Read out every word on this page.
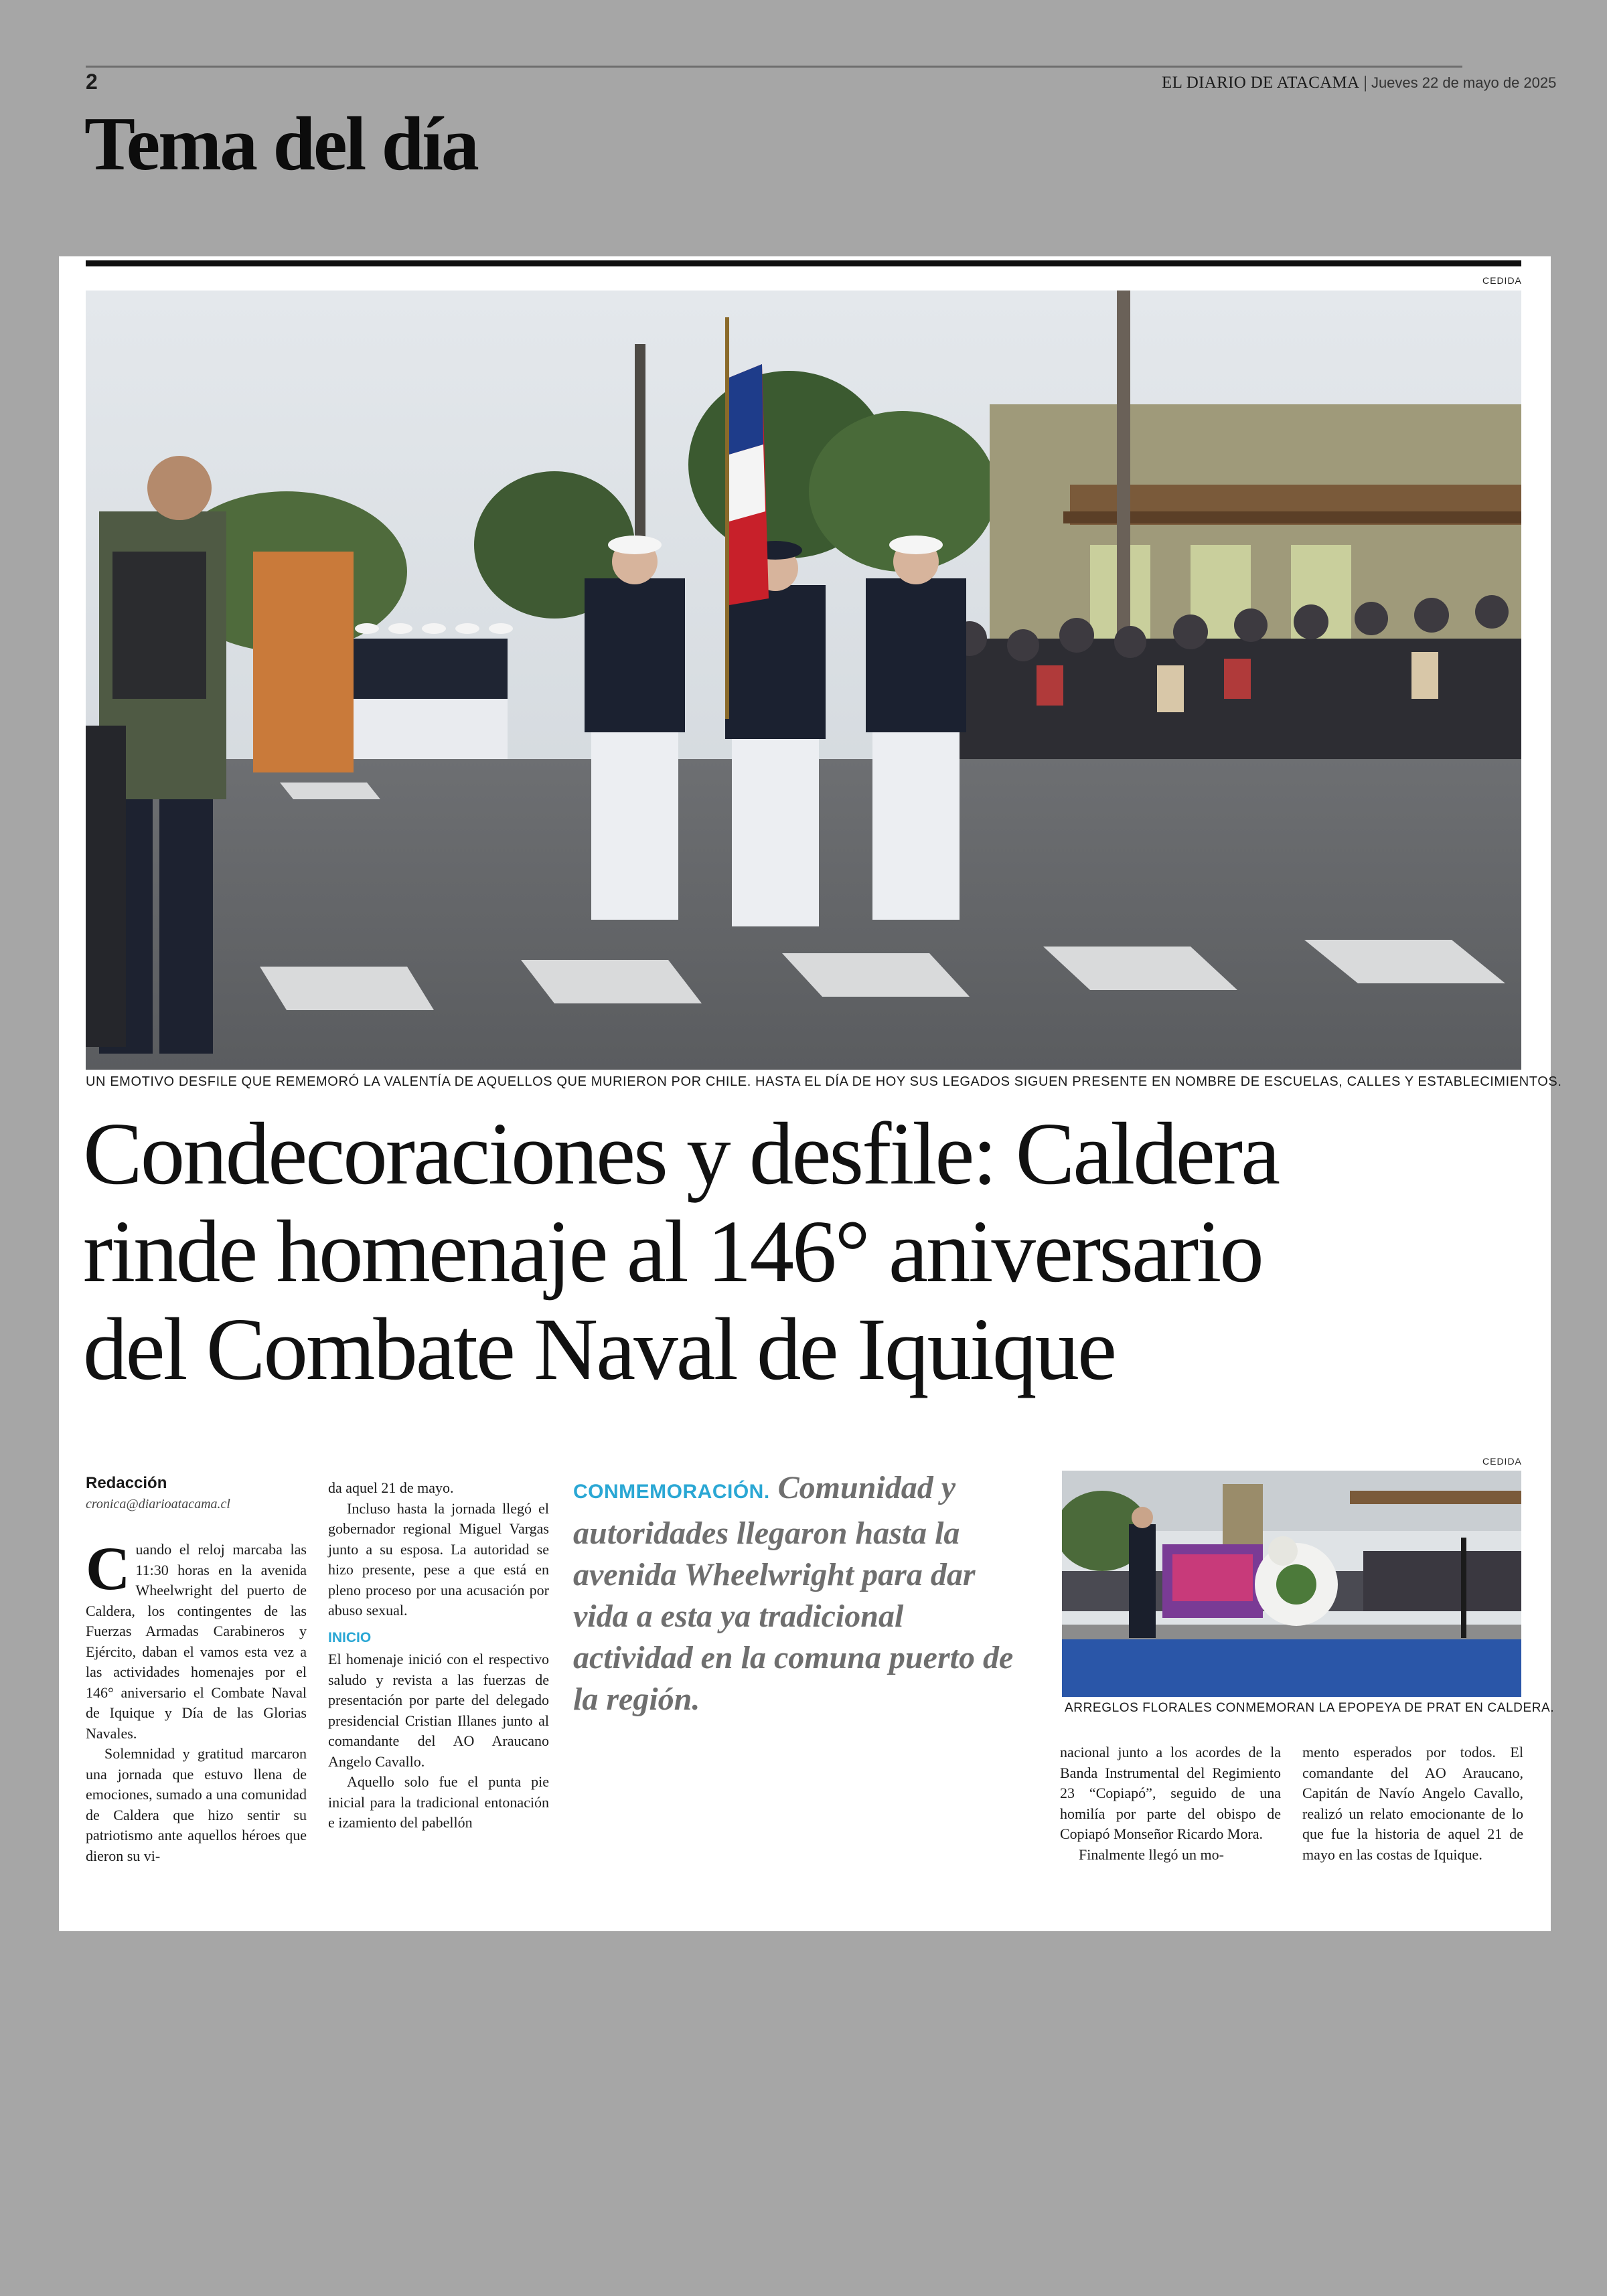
2	EL DIARIO DE ATACAMA | Jueves 22 de mayo de 2025
Tema del día
CEDIDA
UN EMOTIVO DESFILE QUE REMEMORÓ LA VALENTÍA DE AQUELLOS QUE MURIERON POR CHILE. HASTA EL DÍA DE HOY SUS LEGADOS SIGUEN PRESENTE EN NOMBRE DE ESCUELAS, CALLES Y ESTABLECIMIENTOS.
Condecoraciones y desfile: Caldera
rinde homenaje al 146° aniversario
del Combate Naval de Iquique
Redacción
cronica@diarioatacama.cl

Cuando el reloj marcaba las 11:30 horas en la avenida Wheelwright del puerto de Caldera, los contingentes de las Fuerzas Armadas Carabineros y Ejército, daban el vamos esta vez a las actividades homenajes por el 146° aniversario el Combate Naval de Iquique y Día de las Glorias Navales.

Solemnidad y gratitud marcaron una jornada que estuvo llena de emociones, sumado a una comunidad de Caldera que hizo sentir su patriotismo ante aquellos héroes que dieron su vi-

da aquel 21 de mayo.

Incluso hasta la jornada llegó el gobernador regional Miguel Vargas junto a su esposa. La autoridad se hizo presente, pese a que está en pleno proceso por una acusación por abuso sexual.

INICIO

El homenaje inició con el respectivo saludo y revista a las fuerzas de presentación por parte del delegado presidencial Cristian Illanes junto al comandante del AO Araucano Angelo Cavallo.

Aquello solo fue el punta pie inicial para la tradicional entonación e izamiento del pabellón

CONMEMORACIÓN. Comunidad y autoridades llegaron hasta la avenida Wheelwright para dar vida a esta ya tradicional actividad en la comuna puerto de la región.
CEDIDA
ARREGLOS FLORALES CONMEMORAN LA EPOPEYA DE PRAT EN CALDERA.

nacional junto a los acordes de la Banda Instrumental del Regimiento 23 “Copiapó”, seguido de una homilía por parte del obispo de Copiapó Monseñor Ricardo Mora.

Finalmente llegó un mo-

mento esperados por todos. El comandante del AO Araucano, Capitán de Navío Angelo Cavallo, realizó un relato emocionante de lo que fue la historia de aquel 21 de mayo en las costas de Iquique.
